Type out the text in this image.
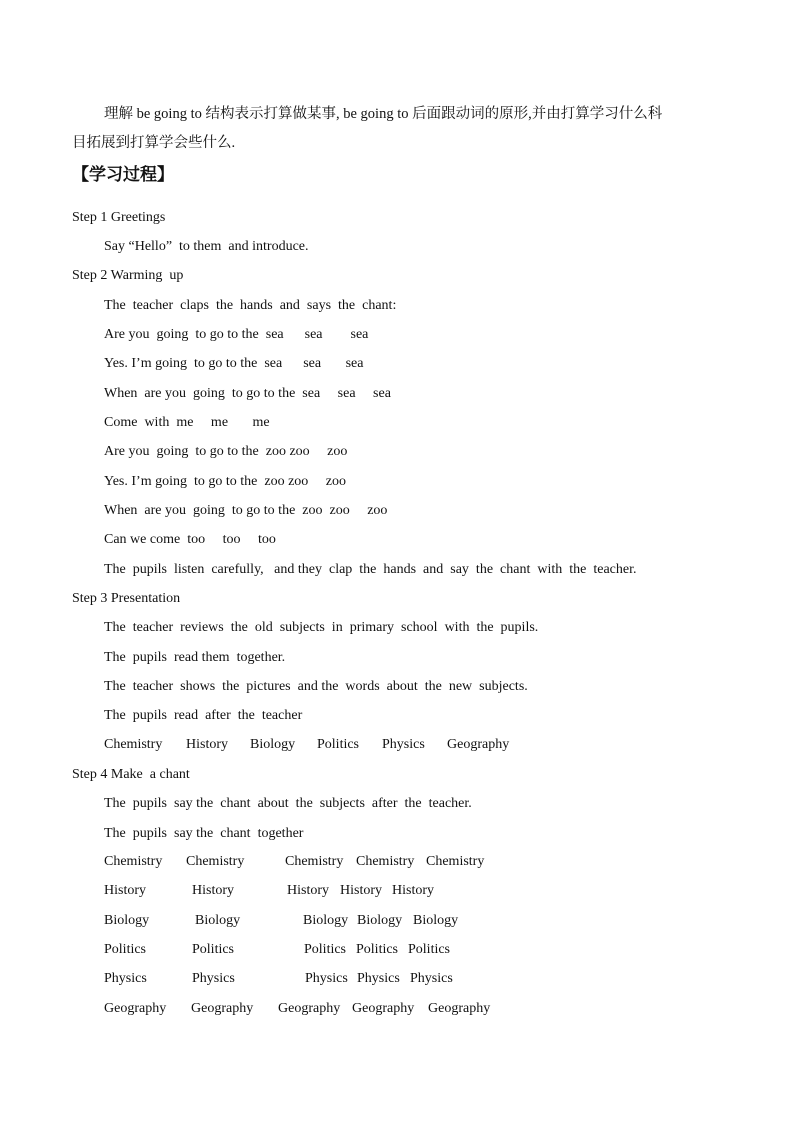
理解 be going to 结构表示打算做某事, be going to 后面跟动词的原形,并由打算学习什么科

目拓展到打算学会些什么.

【学习过程】

Step 1 Greetings

Say “Hello”  to them  and introduce.

Step 2 Warming  up

The  teacher  claps  the  hands  and  says  the  chant:

Are you  going  to go to the  sea      sea        sea

Yes. I’m going  to go to the  sea      sea       sea

When  are you  going  to go to the  sea     sea     sea

Come  with  me     me       me

Are you  going  to go to the  zoo zoo     zoo

Yes. I’m going  to go to the  zoo zoo     zoo

When  are you  going  to go to the  zoo  zoo     zoo

Can we come  too     too     too

The  pupils  listen  carefully,   and they  clap  the  hands  and  say  the  chant  with  the  teacher.

Step 3 Presentation

The  teacher  reviews  the  old  subjects  in  primary  school  with  the  pupils.

The  pupils  read them  together.

The  teacher  shows  the  pictures  and the  words  about  the  new  subjects.

The  pupils  read  after  the  teacher

Chemistry History Biology Politics Physics Geography

Step 4 Make  a chant

The  pupils  say the  chant  about  the  subjects  after  the  teacher.

The  pupils  say the  chant  together

Chemistry Chemistry	Chemistry Chemistry Chemistry
History	History	History History History
Biology	Biology	Biology Biology Biology
Politics	Politics	Politics Politics Politics
Physics	Physics	Physics Physics Physics
Geography Geography Geography Geography Geography
